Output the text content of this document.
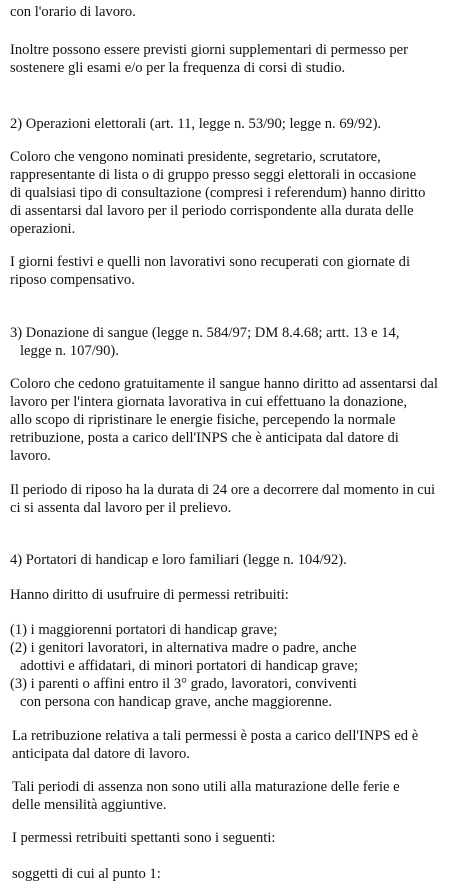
con l'orario di lavoro.
Inoltre possono essere previsti giorni supplementari di permesso per
sostenere gli esami e/o per la frequenza di corsi di studio.
2) Operazioni elettorali (art. 11, legge n. 53/90; legge n. 69/92).
Coloro che vengono nominati presidente, segretario, scrutatore,
rappresentante di lista o di gruppo presso seggi elettorali in occasione
di qualsiasi tipo di consultazione (compresi i referendum) hanno diritto
di assentarsi dal lavoro per il periodo corrispondente alla durata delle
operazioni.
I giorni festivi e quelli non lavorativi sono recuperati con giornate di
riposo compensativo.
3) Donazione di sangue (legge n. 584/97; DM 8.4.68; artt. 13 e 14,
legge n. 107/90).
Coloro che cedono gratuitamente il sangue hanno diritto ad assentarsi dal
lavoro per l'intera giornata lavorativa in cui effettuano la donazione,
allo scopo di ripristinare le energie fisiche, percependo la normale
retribuzione, posta a carico dell'INPS che è anticipata dal datore di
lavoro.
Il periodo di riposo ha la durata di 24 ore a decorrere dal momento in cui
ci si assenta dal lavoro per il prelievo.
4) Portatori di handicap e loro familiari (legge n. 104/92).
Hanno diritto di usufruire di permessi retribuiti:
(1) i maggiorenni portatori di handicap grave;
(2) i genitori lavoratori, in alternativa madre o padre, anche
adottivi e affidatari, di minori portatori di handicap grave;
(3) i parenti o affini entro il 3° grado, lavoratori, conviventi
con persona con handicap grave, anche maggiorenne.
La retribuzione relativa a tali permessi è posta a carico dell'INPS ed è
anticipata dal datore di lavoro.
Tali periodi di assenza non sono utili alla maturazione delle ferie e
delle mensilità aggiuntive.
I permessi retribuiti spettanti sono i seguenti:
soggetti di cui al punto 1:
